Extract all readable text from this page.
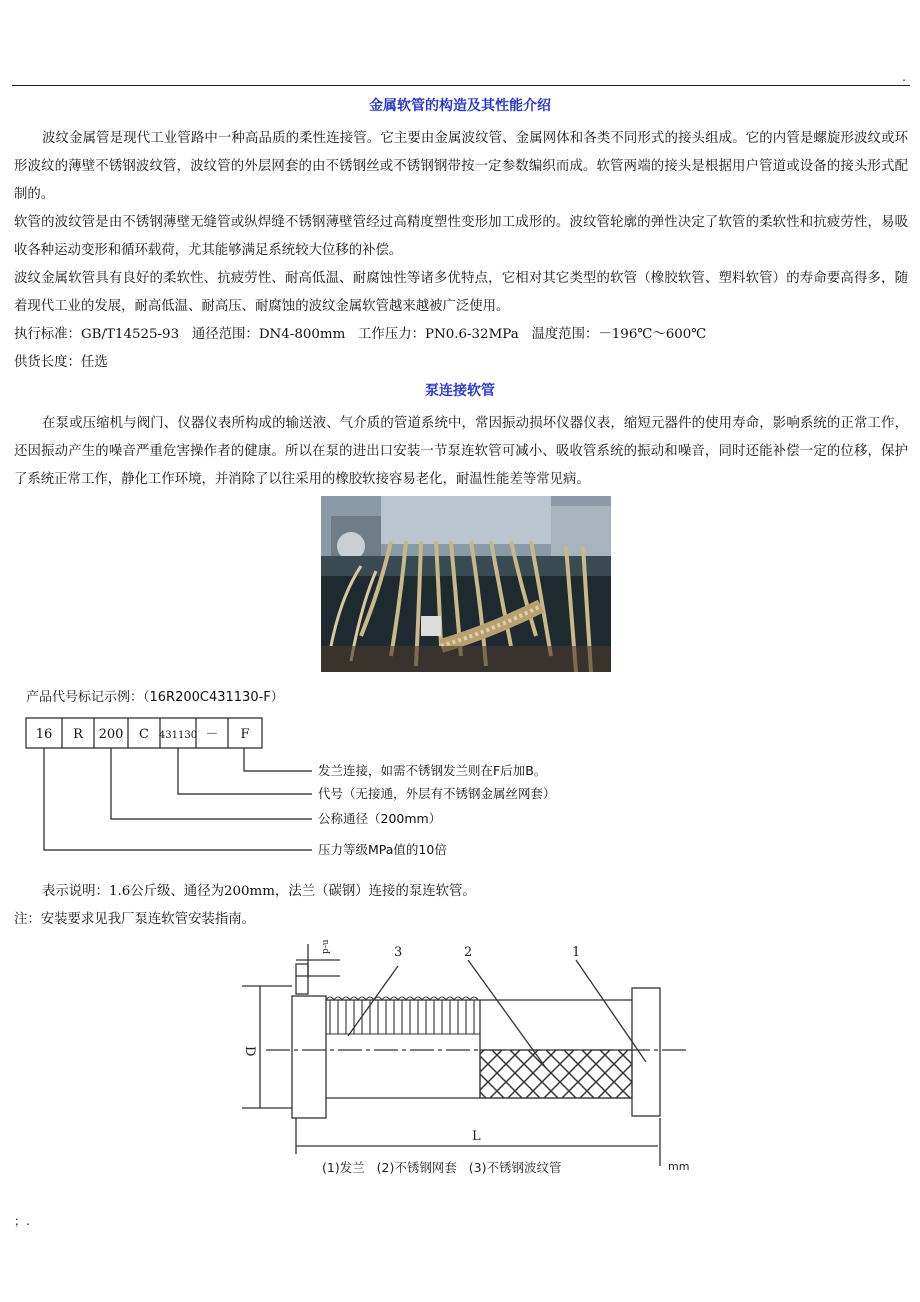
.
金属软管的构造及其性能介绍

波纹金属管是现代工业管路中一种高品质的柔性连接管。它主要由金属波纹管、金属网体和各类不同形式的接头组成。它的内管是螺旋形波纹或环形波纹的薄壁不锈钢波纹管，波纹管的外层网套的由不锈钢丝或不锈钢钢带按一定参数编织而成。软管两端的接头是根据用户管道或设备的接头形式配制的。

软管的波纹管是由不锈钢薄壁无缝管或纵焊缝不锈钢薄壁管经过高精度塑性变形加工成形的。波纹管轮廓的弹性决定了软管的柔软性和抗疲劳性，易吸收各种运动变形和循环载荷，尤其能够满足系统较大位移的补偿。

波纹金属软管具有良好的柔软性、抗疲劳性、耐高低温、耐腐蚀性等诸多优特点，它相对其它类型的软管（橡胶软管、塑料软管）的寿命要高得多，随着现代工业的发展，耐高低温、耐高压、耐腐蚀的波纹金属软管越来越被广泛使用。

执行标准：GB/T14525-93   通径范围：DN4-800mm   工作压力：PN0.6-32MPa   温度范围：－196℃～600℃

供货长度：任选

泵连接软管

在泵或压缩机与阀门、仪器仪表所构成的输送液、气介质的管道系统中，常因振动损坏仪器仪表，缩短元器件的使用寿命，影响系统的正常工作，还因振动产生的噪音严重危害操作者的健康。所以在泵的进出口安装一节泵连软管可减小、吸收管系统的振动和噪音，同时还能补偿一定的位移，保护了系统正常工作，静化工作环境，并消除了以往采用的橡胶软接容易老化，耐温性能差等常见病。

产品代号标记示例：（16R200C431130-F）
16 R 200 C 431130 － F
发兰连接，如需不锈钢发兰则在F后加B。
代号（无接通，外层有不锈钢金属丝网套）
公称通径（200mm）
压力等级MPa值的10倍

表示说明：1.6公斤级、通径为200mm，法兰（碳钢）连接的泵连软管。

注：安装要求见我厂泵连软管安装指南。

3	2	1
D
L
p-u
(1)发兰   (2)不锈钢网套   (3)不锈钢波纹管	mm
；.
